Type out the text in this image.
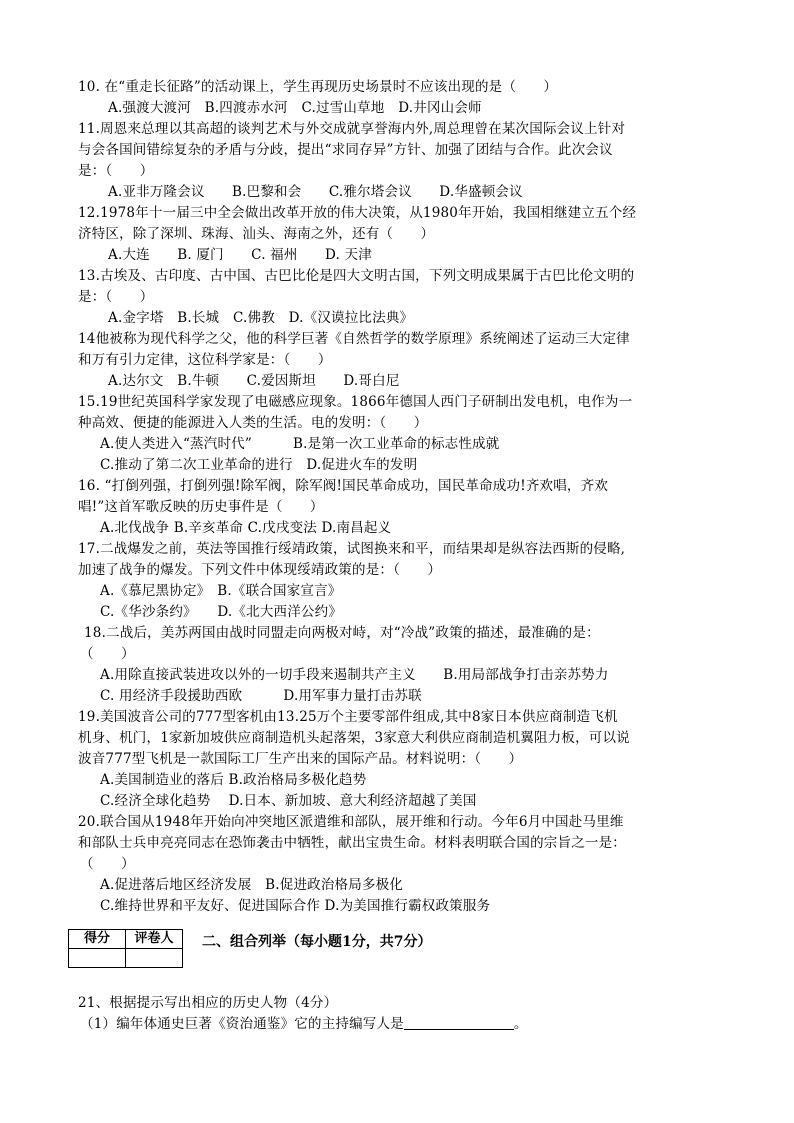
10. 在“重走长征路”的活动课上，学生再现历史场景时不应该出现的是（　　）
A.强渡大渡河　B.四渡赤水河　C.过雪山草地　D.井冈山会师
11.周恩来总理以其高超的谈判艺术与外交成就享誉海内外,周总理曾在某次国际会议上针对
与会各国间错综复杂的矛盾与分歧，提出“求同存异”方针、加强了团结与合作。此次会议
是：（　　）
A.亚非万隆会议　　B.巴黎和会　　C.雅尔塔会议　　D.华盛顿会议
12.1978年十一届三中全会做出改革开放的伟大决策，从1980年开始，我国相继建立五个经
济特区，除了深圳、珠海、汕头、海南之外，还有（　　）
A.大连　　B. 厦门　　C. 福州　　D. 天津
13.古埃及、古印度、古中国、古巴比伦是四大文明古国，下列文明成果属于古巴比伦文明的
是：（　　）
A.金字塔　B.长城　C.佛教　D.《汉谟拉比法典》
14他被称为现代科学之父，他的科学巨著《自然哲学的数学原理》系统阐述了运动三大定律
和万有引力定律，这位科学家是：（　　）
A.达尔文　B.牛顿　　C.爱因斯坦　　D.哥白尼
15.19世纪英国科学家发现了电磁感应现象。1866年德国人西门子研制出发电机，电作为一
种高效、便捷的能源进入人类的生活。电的发明：（　　）
A.使人类进入“蒸汽时代”　　　B.是第一次工业革命的标志性成就
C.推动了第二次工业革命的进行　D.促进火车的发明
16. “打倒列强，打倒列强!除军阀，除军阀!国民革命成功，国民革命成功!齐欢唱，齐欢
唱!”这首军歌反映的历史事件是（　　）
A.北伐战争 B.辛亥革命 C.戊戌变法 D.南昌起义
17.二战爆发之前，英法等国推行绥靖政策，试图换来和平，而结果却是纵容法西斯的侵略,
加速了战争的爆发。下列文件中体现绥靖政策的是：（　　）
A.《慕尼黑协定》　B.《联合国家宣言》
C.《华沙条约》　　D.《北大西洋公约》
18.二战后，美苏两国由战时同盟走向两极对峙，对“冷战”政策的描述，最准确的是：
（　　）
A.用除直接武装进攻以外的一切手段来遏制共产主义　　B.用局部战争打击亲苏势力
C. 用经济手段援助西欧　　　D.用军事力量打击苏联
19.美国波音公司的777型客机由13.25万个主要零部件组成,其中8家日本供应商制造飞机
机身、机门，1家新加坡供应商制造机头起落架，3家意大利供应商制造机翼阻力板，可以说
波音777型飞机是一款国际工厂生产出来的国际产品。材料说明：（　　）
A.美国制造业的落后 B.政治格局多极化趋势
C.经济全球化趋势　 D.日本、新加坡、意大利经济超越了美国
20.联合国从1948年开始向冲突地区派遣维和部队，展开维和行动。今年6月中国赴马里维
和部队士兵申亮亮同志在恐饰袭击中牺牲，献出宝贵生命。材料表明联合国的宗旨之一是：
（　　）
A.促进落后地区经济发展　B.促进政治格局多极化
C.维持世界和平友好、促进国际合作 D.为美国推行霸权政策服务
得分	评卷人
	二、组合列举（每小题1分，共7分）
21、根据提示写出相应的历史人物（4分）
（1）编年体通史巨著《资治通鉴》它的主持编写人是	。
